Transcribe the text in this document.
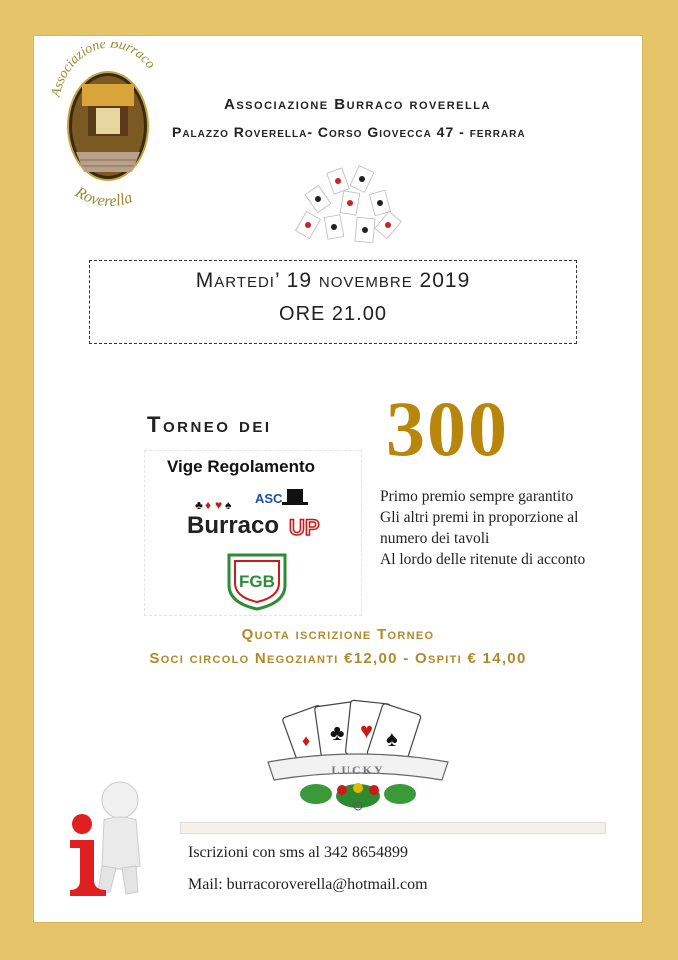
ssociazione Burraco
Roverella
Associazione Burraco roverella
Palazzo Roverella- Corso Giovecca 47 - ferrara
Martedi’ 19 novembre 2019
ORE 21.00
Torneo dei 300
Vige Regolamento
ASC
♣ ♦ ♥ ♠
Burraco UP
FGB
Primo premio sempre garantito
Gli altri premi in proporzione al
numero dei tavoli
Al lordo delle ritenute di acconto
Quota iscrizione Torneo
Soci circolo Negozianti €12,00 - Ospiti € 14,00
♦ ♣ ♥ ♠
LUCKY
Iscrizioni con sms al 342 8654899
Mail: burracoroverella@hotmail.com
